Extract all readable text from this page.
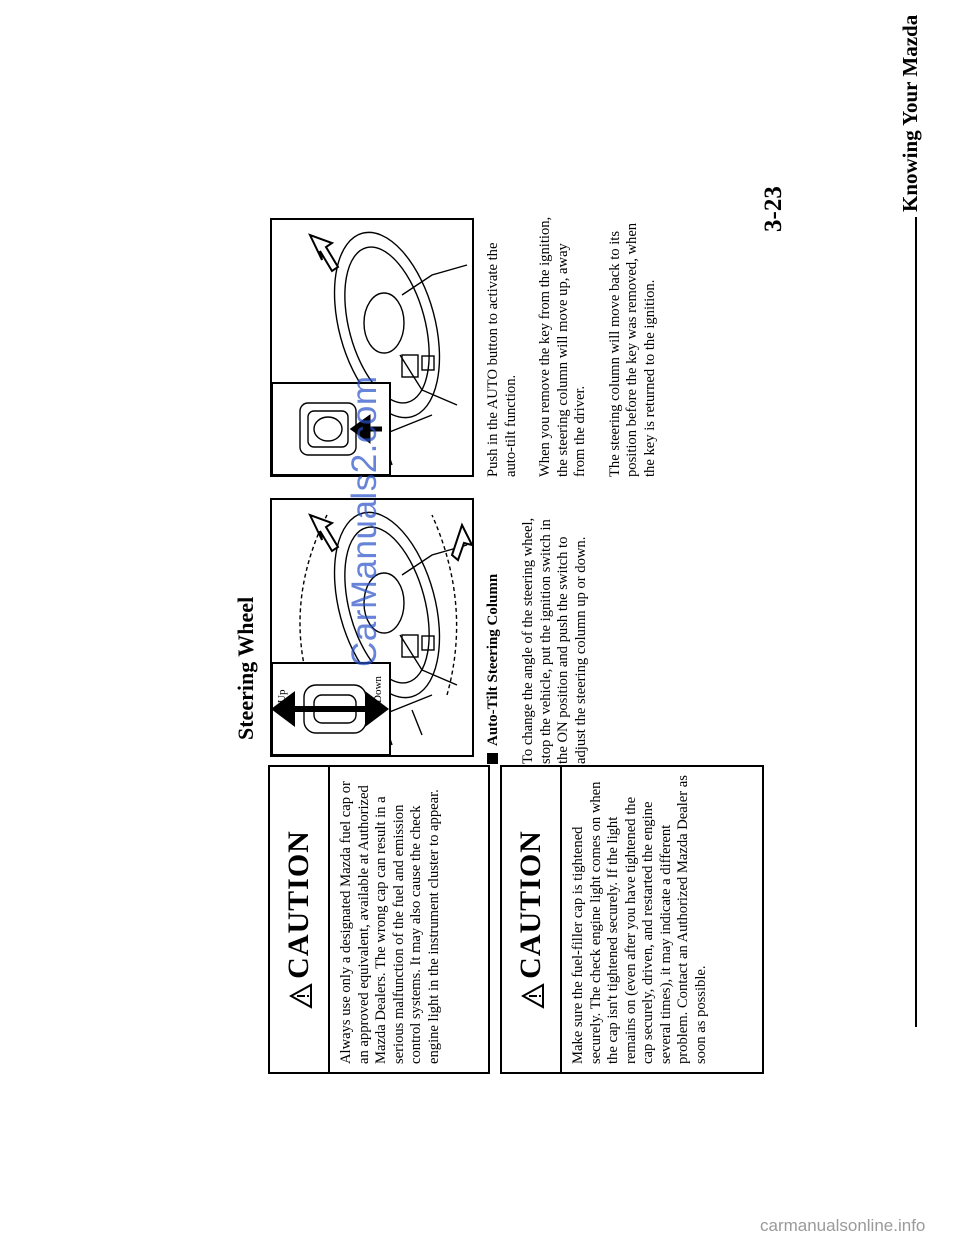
Knowing Your Mazda
3-23
CAUTION Always use only a designated Mazda fuel cap or an approved equivalent, available at Authorized Mazda Dealers. The wrong cap can result in a serious malfunction of the fuel and emission control systems. It may also cause the check engine light in the instrument cluster to appear. CAUTION Make sure the fuel-filler cap is tightened securely. The check engine light comes on when the cap isn't tightened securely. If the light remains on (even after you have tightened the cap securely, driven, and restarted the engine several times), it may indicate a different problem. Contact an Authorized Mazda Dealer as soon as possible.
Steering Wheel Up	Down	Auto-Tilt Steering Column To change the angle of the steering wheel, stop the vehicle, put the ignition switch in the ON position and push the switch to adjust the steering column up or down.

Push in the AUTO button to activate the auto-tilt function. When you remove the key from the ignition, the steering column will move up, away from the driver. The steering column will move back to its position before the key was removed, when the key is returned to the ignition.

CarManuals2.com
carmanualsonline.info
